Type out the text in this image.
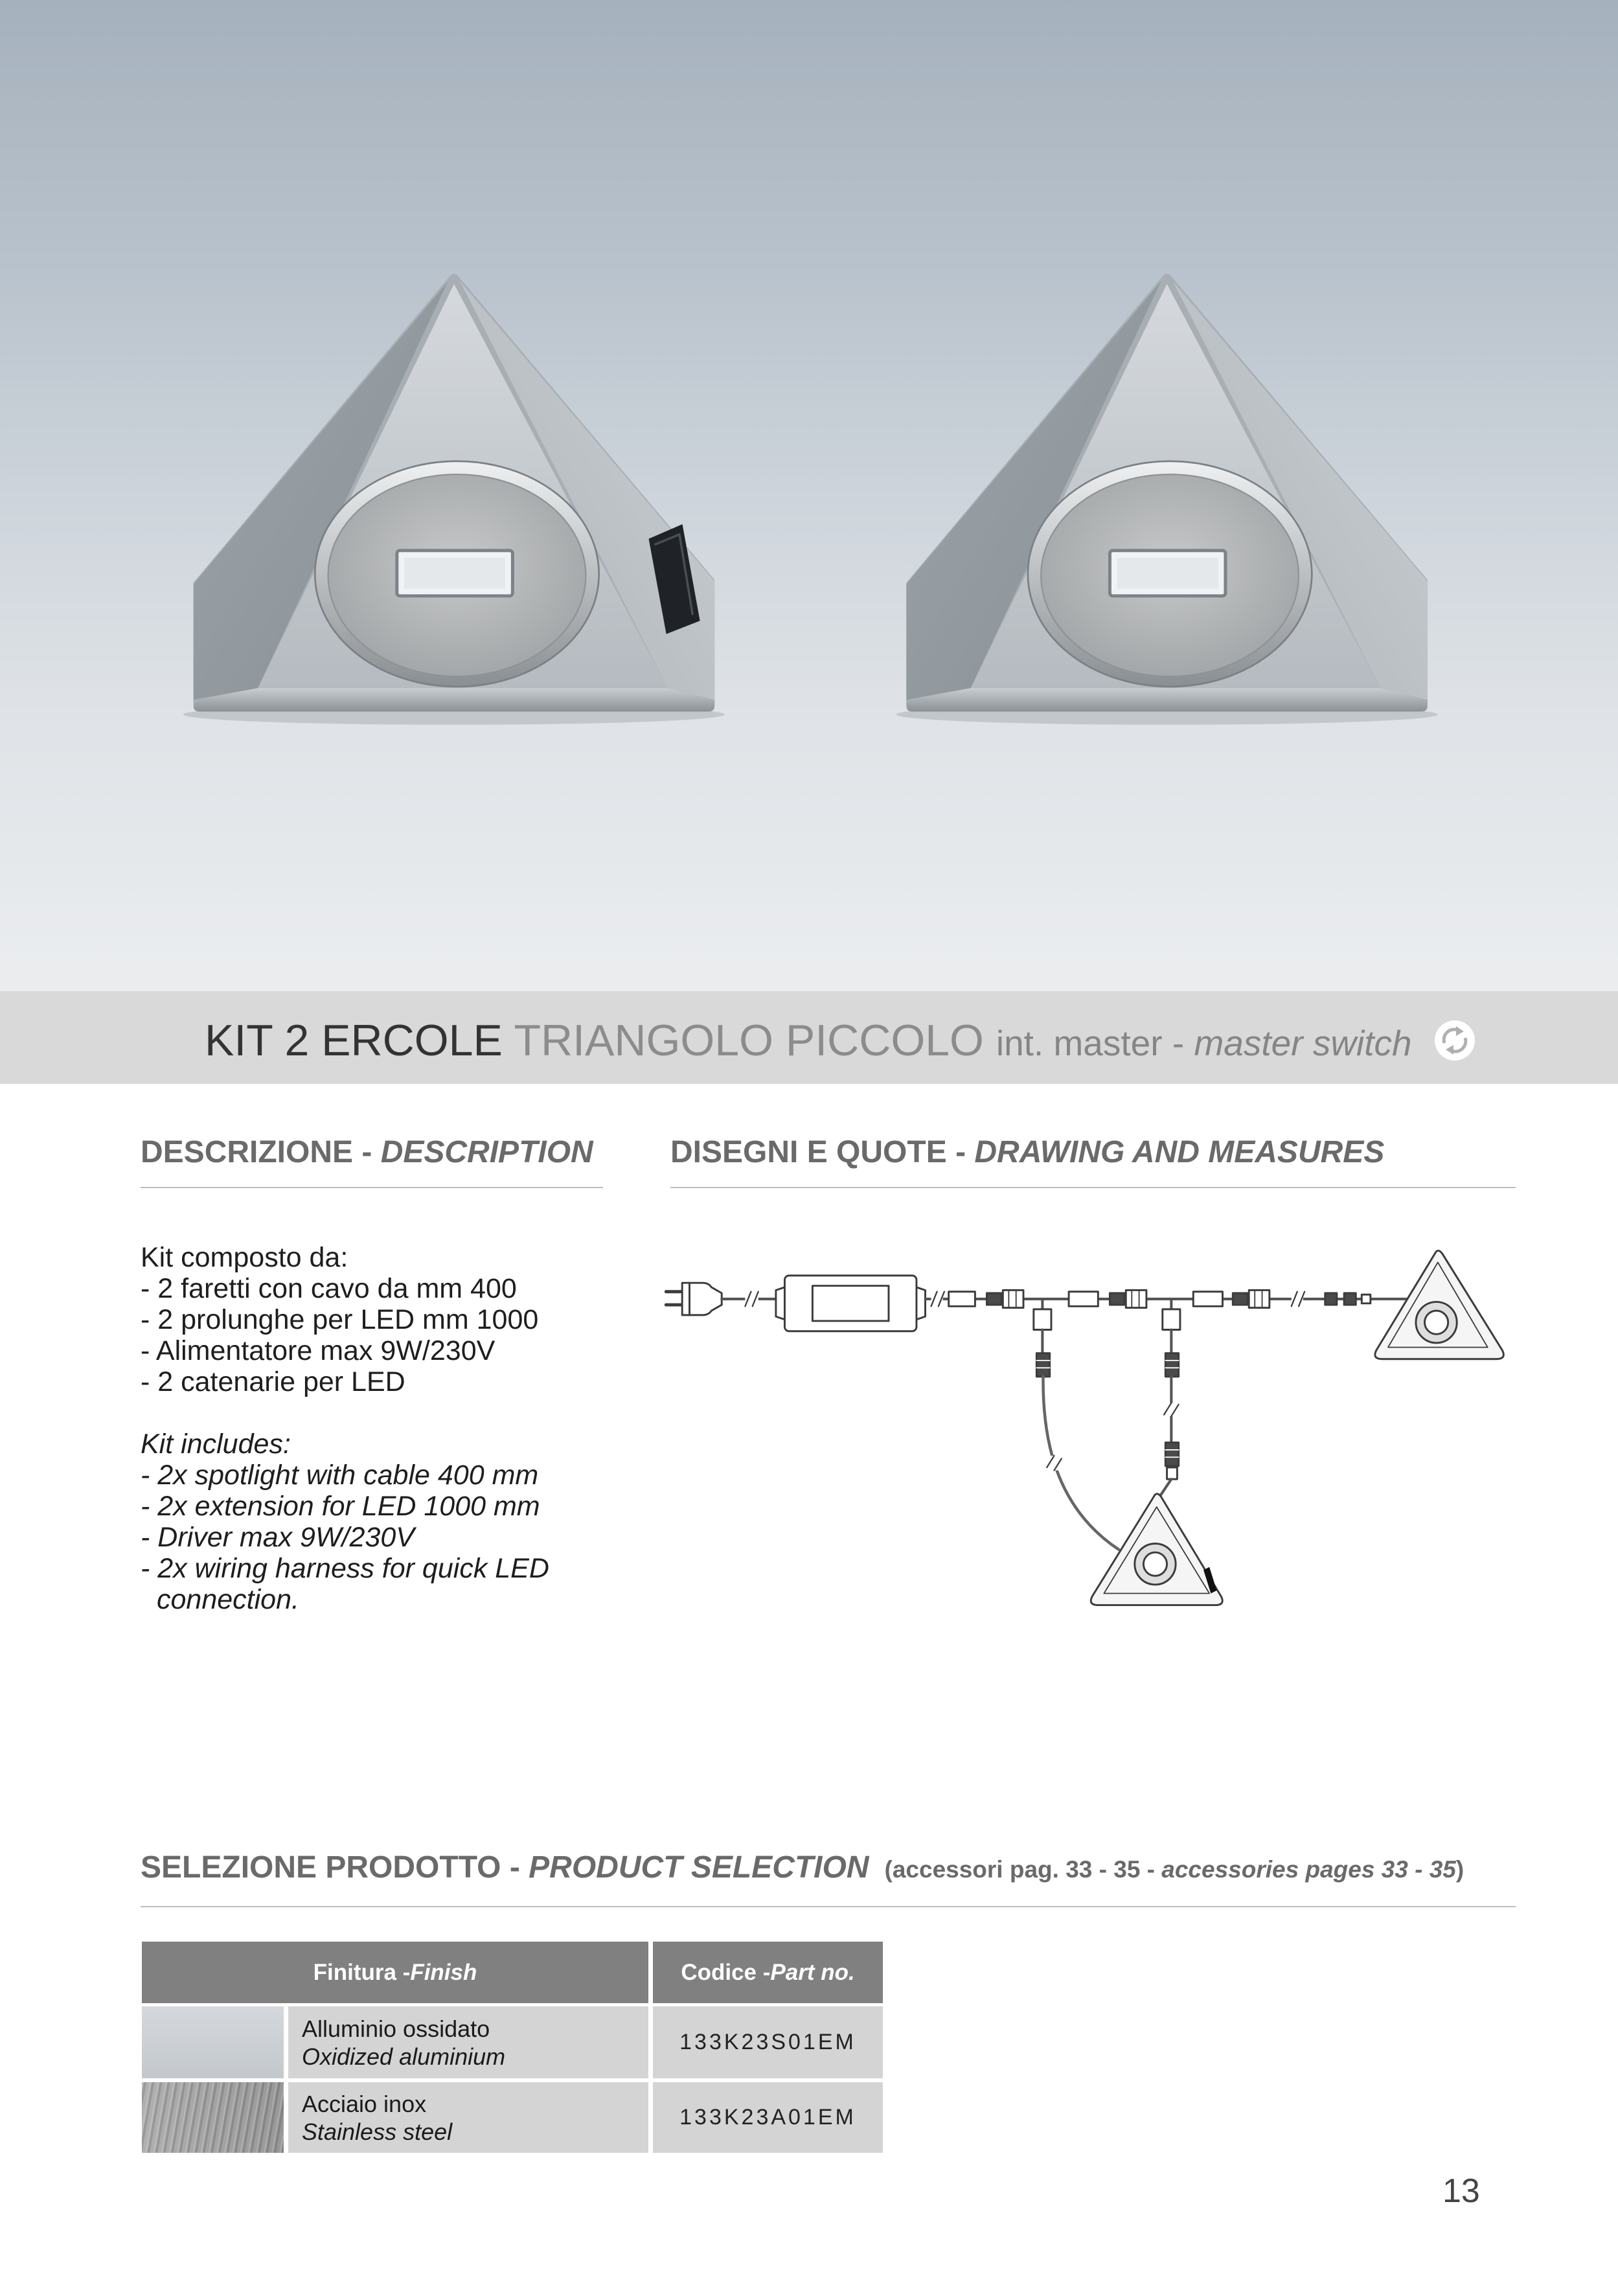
KIT 2 ERCOLE TRIANGOLO PICCOLO int. master - master switch
DESCRIZIONE - DESCRIPTION
Kit composto da:
- 2 faretti con cavo da mm 400
- 2 prolunghe per LED mm 1000
- Alimentatore max 9W/230V
- 2 catenarie per LED
Kit includes:
- 2x spotlight with cable 400 mm
- 2x extension for LED 1000 mm
- Driver max 9W/230V
- 2x wiring harness for quick LED
connection.
DISEGNI E QUOTE - DRAWING AND MEASURES
SELEZIONE PRODOTTO - PRODUCT SELECTION (accessori pag. 33 - 35 - accessories pages 33 - 35)
Finitura - Finish	Codice - Part no.
Alluminio ossidato
Oxidized aluminium
133K23S01EM
Acciaio inox
Stainless steel
133K23A01EM
13
